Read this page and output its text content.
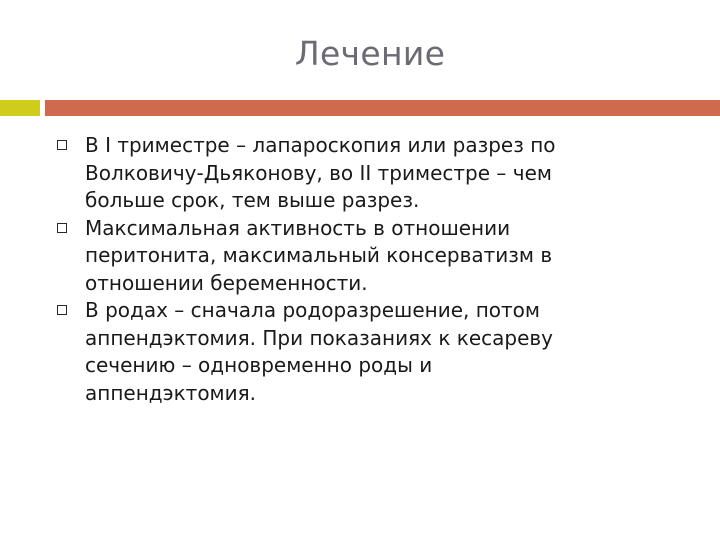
Лечение
В I триместре – лапароскопия или разрез по
Волковичу-Дьяконову, во II триместре – чем
больше срок, тем выше разрез.
Максимальная активность в отношении
перитонита, максимальный консерватизм в
отношении беременности.
В родах – сначала родоразрешение, потом
аппендэктомия. При показаниях к кесареву
сечению – одновременно роды и
аппендэктомия.
